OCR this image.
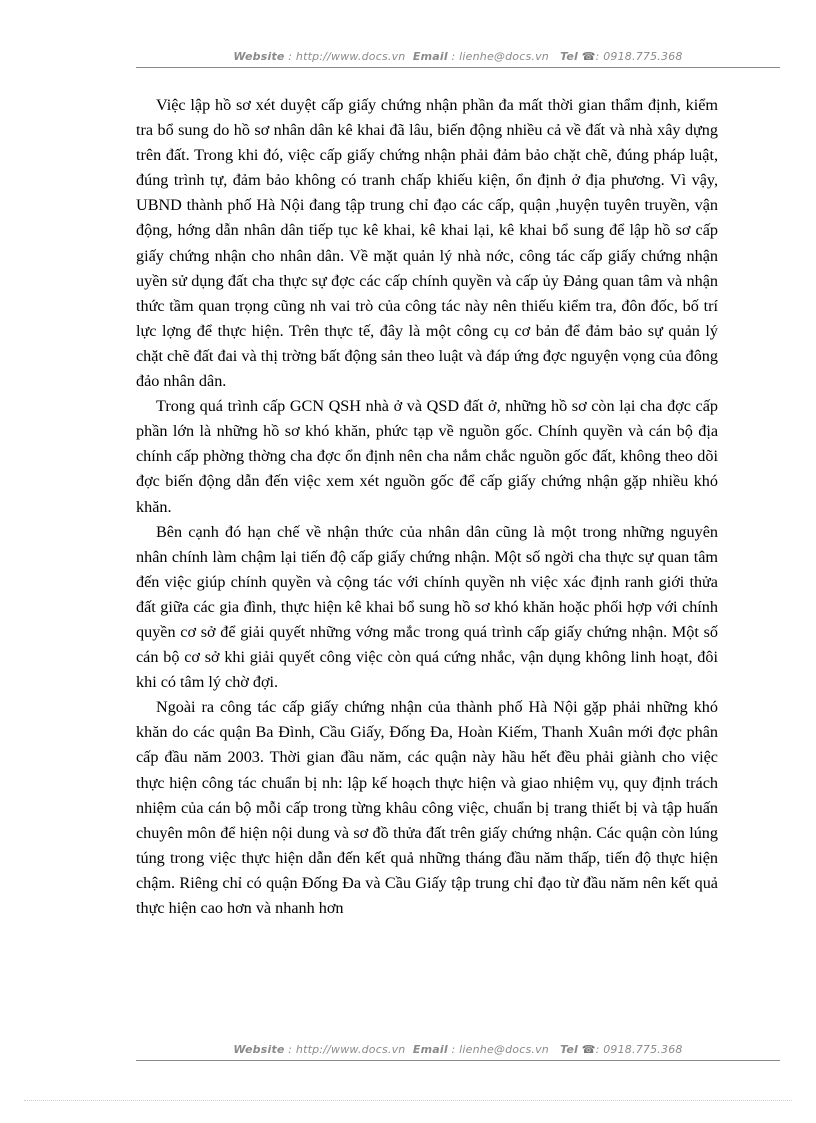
Website : http://www.docs.vn Email : lienhe@docs.vn Tel ☎: 0918.775.368

Việc lập hồ sơ xét duyệt cấp giấy chứng nhận phần đa mất thời gian thẩm định, kiểm tra bổ sung do hồ sơ nhân dân kê khai đã lâu, biến động nhiều cả về đất và nhà xây dựng trên đất. Trong khi đó, việc cấp giấy chứng nhận phải đảm bảo chặt chẽ, đúng pháp luật, đúng trình tự, đảm bảo không có tranh chấp khiếu kiện, ổn định ở địa phương. Vì vậy, UBND thành phố Hà Nội đang tập trung chỉ đạo các cấp, quận ,huyện tuyên truyền, vận động, hớng dẫn nhân dân tiếp tục kê khai, kê khai lại, kê khai bổ sung để lập hồ sơ cấp giấy chứng nhận cho nhân dân. Về mặt quản lý nhà nớc, công tác cấp giấy chứng nhận uyền sử dụng đất cha thực sự đợc các cấp chính quyền và cấp ủy Đảng quan tâm và nhận thức tầm quan trọng cũng nh vai trò của công tác này nên thiếu kiểm tra, đôn đốc, bố trí lực lợng để thực hiện. Trên thực tế, đây là một công cụ cơ bản để đảm bảo sự quản lý chặt chẽ đất đai và thị trờng bất động sản theo luật và đáp ứng đợc nguyện vọng của đông đảo nhân dân.

Trong quá trình cấp GCN QSH nhà ở và QSD đất ở, những hồ sơ còn lại cha đợc cấp phần lớn là những hồ sơ khó khăn, phức tạp về nguồn gốc. Chính quyền và cán bộ địa chính cấp phờng thờng cha đợc ổn định nên cha nắm chắc nguồn gốc đất, không theo dõi đợc biến động dẫn đến việc xem xét nguồn gốc để cấp giấy chứng nhận gặp nhiều khó khăn.

Bên cạnh đó hạn chế về nhận thức của nhân dân cũng là một trong những nguyên nhân chính làm chậm lại tiến độ cấp giấy chứng nhận. Một số ngời cha thực sự quan tâm đến việc giúp chính quyền và cộng tác với chính quyền nh việc xác định ranh giới thửa đất giữa các gia đình, thực hiện kê khai bổ sung hồ sơ khó khăn hoặc phối hợp với chính quyền cơ sở để giải quyết những vớng mắc trong quá trình cấp giấy chứng nhận. Một số cán bộ cơ sở khi giải quyết công việc còn quá cứng nhắc, vận dụng không linh hoạt, đôi khi có tâm lý chờ đợi.

Ngoài ra công tác cấp giấy chứng nhận của thành phố Hà Nội gặp phải những khó khăn do các quận Ba Đình, Cầu Giấy, Đống Đa, Hoàn Kiếm, Thanh Xuân mới đợc phân cấp đầu năm 2003. Thời gian đầu năm, các quận này hầu hết đều phải giành cho việc thực hiện công tác chuẩn bị nh: lập kế hoạch thực hiện và giao nhiệm vụ, quy định trách nhiệm của cán bộ mỗi cấp trong từng khâu công việc, chuẩn bị trang thiết bị và tập huấn chuyên môn để hiện nội dung và sơ đồ thửa đất trên giấy chứng nhận. Các quận còn lúng túng trong việc thực hiện dẫn đến kết quả những tháng đầu năm thấp, tiến độ thực hiện chậm. Riêng chỉ có quận Đống Đa và Cầu Giấy tập trung chỉ đạo từ đầu năm nên kết quả thực hiện cao hơn và nhanh hơn

Website : http://www.docs.vn Email : lienhe@docs.vn Tel ☎: 0918.775.368
